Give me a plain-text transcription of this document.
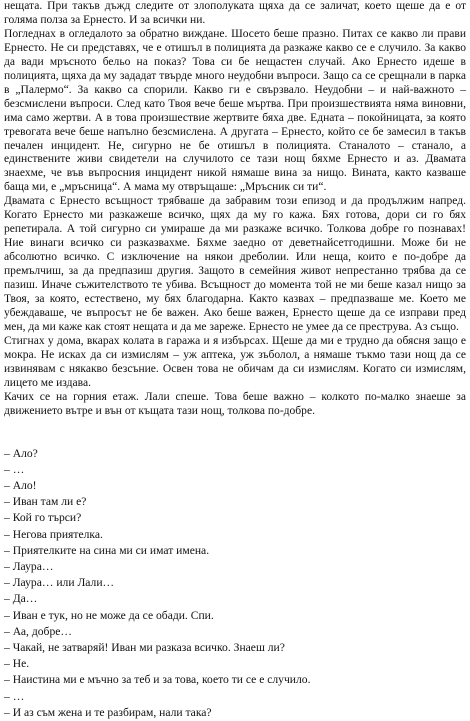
нещата. При такъв дъжд следите от злополуката щяха да се заличат, което щеше да е от голяма полза за Ернесто. И за всички ни.

Погледнах в огледалото за обратно виждане. Шосето беше празно. Питах се какво ли прави Ернесто. Не си представях, че е отишъл в полицията да разкаже какво се е случило. За какво да вади мръсното бельо на показ? Това си бе нещастен случай. Ако Ернесто идеше в полицията, щяха да му зададат твърде много неудобни въпроси. Защо са се срещнали в парка в „Палермо“. За какво са спорили. Какво ги е свързвало. Неудобни – и най-важното – безсмислени въпроси. След като Твоя вече беше мъртва. При произшествията няма виновни, има само жертви. А в това произшествие жертвите бяха две. Едната – покойницата, за която тревогата вече беше напълно безсмислена. А другата – Ернесто, който се бе замесил в такъв печален инцидент. Не, сигурно не бе отишъл в полицията. Станалото – станало, а единствените живи свидетели на случилото се тази нощ бяхме Ернесто и аз. Двамата знаехме, че във въпросния инцидент никой нямаше вина за нищо. Вината, както казваше баща ми, е „мръсница“. А мама му отвръщаше: „Мръсник си ти“.

Двамата с Ернесто всъщност трябваше да забравим този епизод и да продължим напред. Когато Ернесто ми разкажеше всичко, щях да му го кажа. Бях готова, дори си го бях репетирала. А той сигурно си умираше да ми разкаже всичко. Толкова добре го познавах! Ние винаги всичко си разказвахме. Бяхме заедно от деветнайсетгодишни. Може би не абсолютно всичко. С изключение на някои дреболии. Или неща, които е по-добре да премълчиш, за да предпазиш другия. Защото в семейния живот непрестанно трябва да се пазиш. Иначе съжителството те убива. Всъщност до момента той не ми беше казал нищо за Твоя, за която, естествено, му бях благодарна. Както казвах – предпазваше ме. Което ме убеждаваше, че въпросът не бе важен. Ако беше важен, Ернесто щеше да се изправи пред мен, да ми каже как стоят нещата и да ме зареже. Ернесто не умее да се преструва. Аз също.

Стигнах у дома, вкарах колата в гаража и я избърсах. Щеше да ми е трудно да обясня защо е мокра. Не исках да си измислям – уж аптека, уж зъболол, а нямаше тъкмо тази нощ да се извинявам с някакво безсъние. Освен това не обичам да си измислям. Когато си измислям, лицето ме издава.

Качих се на горния етаж. Лали спеше. Това беше важно – колкото по-малко знаеше за движението вътре и вън от къщата тази нощ, толкова по-добре.

– Ало?

– …

– Ало!

– Иван там ли е?

– Кой го търси?

– Негова приятелка.

– Приятелките на сина ми си имат имена.

– Лаура…

– Лаура… или Лали…

– Да…

– Иван е тук, но не може да се обади. Спи.

– Аа, добре…

– Чакай, не затваряй! Иван ми разказа всичко. Знаеш ли?

– Не.

– Наистина ми е мъчно за теб и за това, което ти се е случило.

– …

– И аз съм жена и те разбирам, нали така?
